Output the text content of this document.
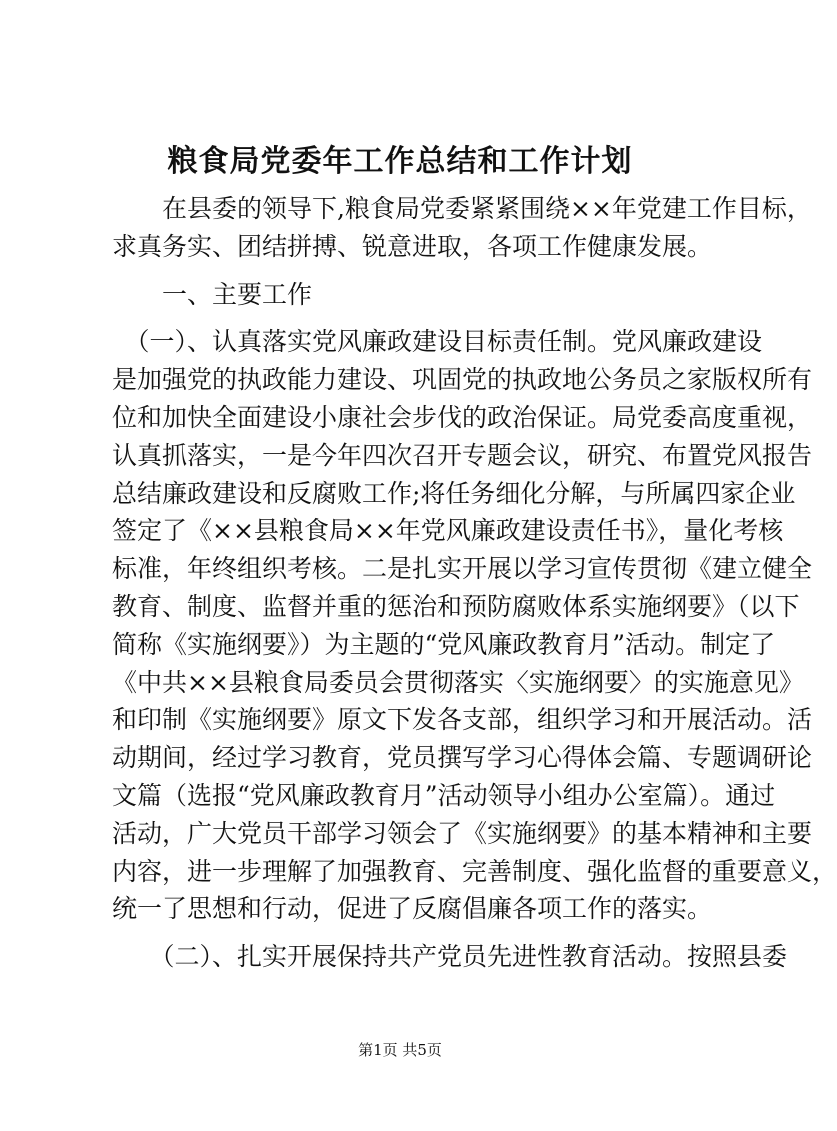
粮食局党委年工作总结和工作计划
　　在县委的领导下,粮食局党委紧紧围绕××年党建工作目标，
求真务实、团结拼搏、锐意进取，各项工作健康发展。
　　一、主要工作
　（一）、认真落实党风廉政建设目标责任制。党风廉政建设
是加强党的执政能力建设、巩固党的执政地公务员之家版权所有
位和加快全面建设小康社会步伐的政治保证。局党委高度重视，
认真抓落实，一是今年四次召开专题会议，研究、布置党风报告
总结廉政建设和反腐败工作;将任务细化分解，与所属四家企业
签定了《××县粮食局××年党风廉政建设责任书》，量化考核
标准，年终组织考核。二是扎实开展以学习宣传贯彻《建立健全
教育、制度、监督并重的惩治和预防腐败体系实施纲要》（以下
简称《实施纲要》）为主题的“党风廉政教育月”活动。制定了
《中共××县粮食局委员会贯彻落实〈实施纲要〉的实施意见》
和印制《实施纲要》原文下发各支部，组织学习和开展活动。活
动期间，经过学习教育，党员撰写学习心得体会篇、专题调研论
文篇（选报“党风廉政教育月”活动领导小组办公室篇）。通过
活动，广大党员干部学习领会了《实施纲要》的基本精神和主要
内容，进一步理解了加强教育、完善制度、强化监督的重要意义，
统一了思想和行动，促进了反腐倡廉各项工作的落实。
　　（二）、扎实开展保持共产党员先进性教育活动。按照县委
第1页 共5页
